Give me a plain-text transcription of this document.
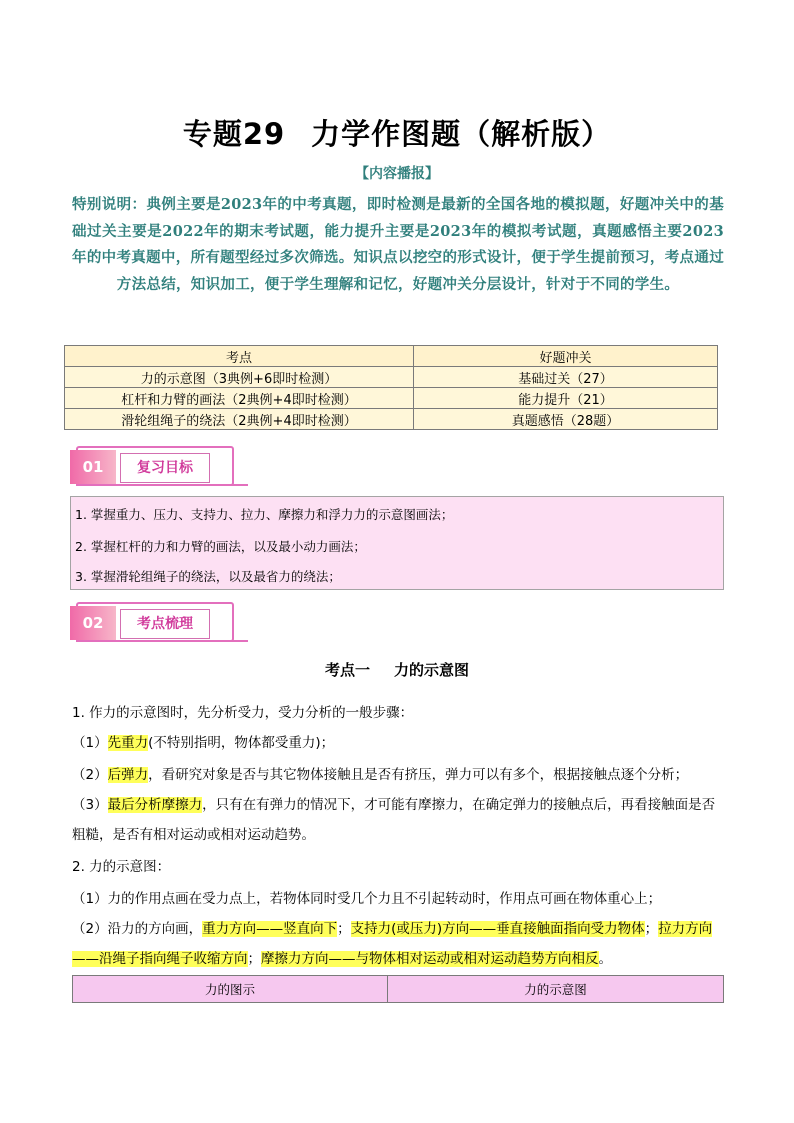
专题29 力学作图题（解析版）
【内容播报】
特别说明：典例主要是2023年的中考真题，即时检测是最新的全国各地的模拟题，好题冲关中的基础过关主要是2022年的期末考试题，能力提升主要是2023年的模拟考试题，真题感悟主要2023年的中考真题中，所有题型经过多次筛选。知识点以挖空的形式设计，便于学生提前预习，考点通过方法总结，知识加工，便于学生理解和记忆，好题冲关分层设计，针对于不同的学生。
考点	好题冲关
力的示意图（3典例+6即时检测）	基础过关（27）
杠杆和力臂的画法（2典例+4即时检测）	能力提升（21）
滑轮组绳子的绕法（2典例+4即时检测）	真题感悟（28题）
01	复习目标
1. 掌握重力、压力、支持力、拉力、摩擦力和浮力力的示意图画法；
2. 掌握杠杆的力和力臂的画法，以及最小动力画法；
3. 掌握滑轮组绳子的绕法，以及最省力的绕法；
02	考点梳理
考点一 力的示意图
1. 作力的示意图时，先分析受力，受力分析的一般步骤：
（1）先重力(不特别指明，物体都受重力)；
（2）后弹力，看研究对象是否与其它物体接触且是否有挤压，弹力可以有多个，根据接触点逐个分析；
（3）最后分析摩擦力，只有在有弹力的情况下，才可能有摩擦力，在确定弹力的接触点后，再看接触面是否粗糙，是否有相对运动或相对运动趋势。
2. 力的示意图：
（1）力的作用点画在受力点上，若物体同时受几个力且不引起转动时，作用点可画在物体重心上；
（2）沿力的方向画，重力方向——竖直向下；支持力(或压力)方向——垂直接触面指向受力物体；拉力方向——沿绳子指向绳子收缩方向；摩擦力方向——与物体相对运动或相对运动趋势方向相反。
力的图示	力的示意图
